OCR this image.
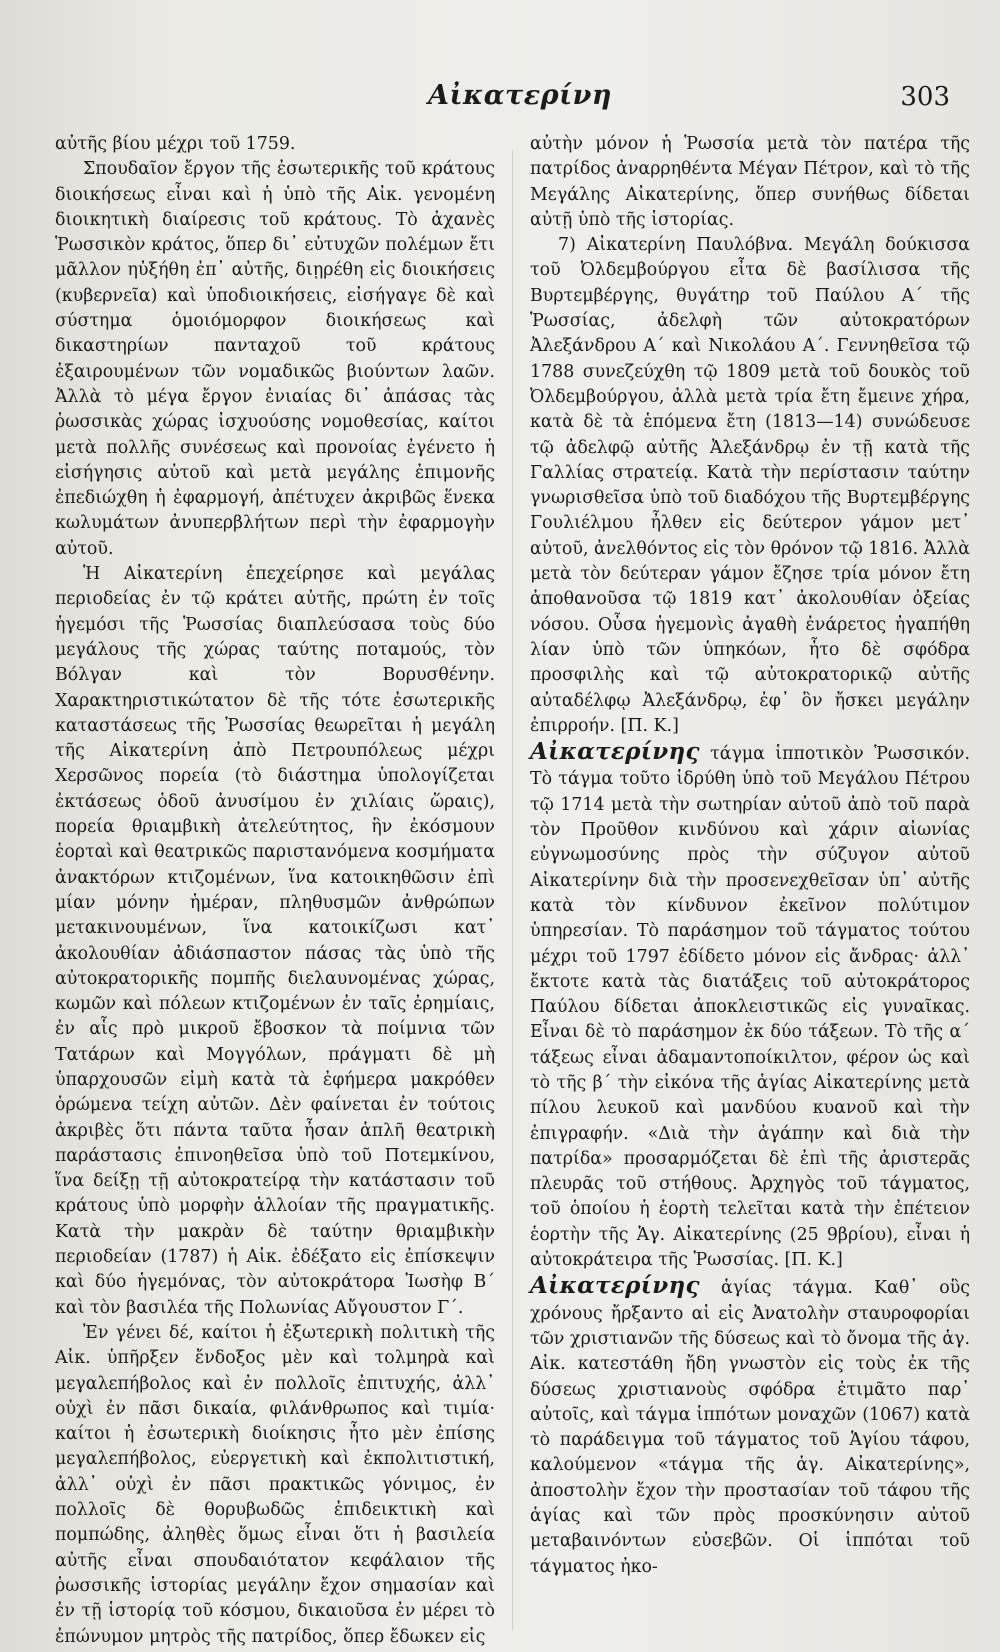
Αἰκατερίνη	303

αὐτῆς βίου μέχρι τοῦ 1759.

Σπουδαῖον ἔργον τῆς ἐσωτερικῆς τοῦ κράτους διοικήσεως εἶναι καὶ ἡ ὑπὸ τῆς Αἰκ. γενομένη διοικητικὴ διαίρεσις τοῦ κράτους. Τὸ ἀχανὲς Ῥωσσικὸν κράτος, ὅπερ δι᾽ εὐτυχῶν πολέμων ἔτι μᾶλλον ηὐξήθη ἐπ᾽ αὐτῆς, διῃρέθη εἰς διοικήσεις (κυβερνεῖα) καὶ ὑποδιοικήσεις, εἰσήγαγε δὲ καὶ σύστημα ὁμοιόμορφον διοικήσεως καὶ δικαστηρίων πανταχοῦ τοῦ κράτους ἐξαιρουμένων τῶν νομαδικῶς βιούντων λαῶν. Ἀλλὰ τὸ μέγα ἔργον ἐνιαίας δι᾽ ἁπάσας τὰς ῥωσσικὰς χώρας ἰσχυούσης νομοθεσίας, καίτοι μετὰ πολλῆς συνέσεως καὶ προνοίας ἐγένετο ἡ εἰσήγησις αὐτοῦ καὶ μετὰ μεγάλης ἐπιμονῆς ἐπεδιώχθη ἡ ἐφαρμογή, ἀπέτυχεν ἀκριβῶς ἕνεκα κωλυμάτων ἀνυπερβλήτων περὶ τὴν ἐφαρμογὴν αὐτοῦ.

Ἡ Αἰκατερίνη ἐπεχείρησε καὶ μεγάλας περιοδείας ἐν τῷ κράτει αὐτῆς, πρώτη ἐν τοῖς ἡγεμόσι τῆς Ῥωσσίας διαπλεύσασα τοὺς δύο μεγάλους τῆς χώρας ταύτης ποταμούς, τὸν Βόλγαν καὶ τὸν Βορυσθένην. Χαρακτηριστικώτατον δὲ τῆς τότε ἐσωτερικῆς καταστάσεως τῆς Ῥωσσίας θεωρεῖται ἡ μεγάλη τῆς Αἰκατερίνη ἀπὸ Πετρουπόλεως μέχρι Χερσῶνος πορεία (τὸ διάστημα ὑπολογίζεται ἐκτάσεως ὁδοῦ ἀνυσίμου ἐν χιλίαις ὥραις), πορεία θριαμβικὴ ἀτελεύτητος, ἣν ἐκόσμουν ἑορταὶ καὶ θεατρικῶς παριστανόμενα κοσμήματα ἀνακτόρων κτιζομένων, ἵνα κατοικηθῶσιν ἐπὶ μίαν μόνην ἡμέραν, πληθυσμῶν ἀνθρώπων μετακινουμένων, ἵνα κατοικίζωσι κατ᾽ ἀκολουθίαν ἀδιάσπαστον πάσας τὰς ὑπὸ τῆς αὐτοκρατορικῆς πομπῆς διελαυνομένας χώρας, κωμῶν καὶ πόλεων κτιζομένων ἐν ταῖς ἐρημίαις, ἐν αἷς πρὸ μικροῦ ἔβοσκον τὰ ποίμνια τῶν Τατάρων καὶ Μογγόλων, πράγματι δὲ μὴ ὑπαρχουσῶν εἰμὴ κατὰ τὰ ἐφήμερα μακρόθεν ὁρώμενα τείχη αὐτῶν. Δὲν φαίνεται ἐν τούτοις ἀκριβὲς ὅτι πάντα ταῦτα ἦσαν ἁπλῆ θεατρικὴ παράστασις ἐπινοηθεῖσα ὑπὸ τοῦ Ποτεμκίνου, ἵνα δείξῃ τῇ αὐτοκρατείρᾳ τὴν κατάστασιν τοῦ κράτους ὑπὸ μορφὴν ἀλλοίαν τῆς πραγματικῆς. Κατὰ τὴν μακρὰν δὲ ταύτην θριαμβικὴν περιοδείαν (1787) ἡ Αἰκ. ἐδέξατο εἰς ἐπίσκεψιν καὶ δύο ἡγεμόνας, τὸν αὐτοκράτορα Ἰωσὴφ Β´ καὶ τὸν βασιλέα τῆς Πολωνίας Αὔγουστον Γ´.

Ἐν γένει δέ, καίτοι ἡ ἐξωτερικὴ πολιτικὴ τῆς Αἰκ. ὑπῆρξεν ἔνδοξος μὲν καὶ τολμηρὰ καὶ μεγαλεπήβολος καὶ ἐν πολλοῖς ἐπιτυχής, ἀλλ᾽ οὐχὶ ἐν πᾶσι δικαία, φιλάνθρωπος καὶ τιμία· καίτοι ἡ ἐσωτερικὴ διοίκησις ἦτο μὲν ἐπίσης μεγαλεπήβολος, εὐεργετικὴ καὶ ἐκπολιτιστική, ἀλλ᾽ οὐχὶ ἐν πᾶσι πρακτικῶς γόνιμος, ἐν πολλοῖς δὲ θορυβωδῶς ἐπιδεικτικὴ καὶ πομπώδης, ἀληθὲς ὅμως εἶναι ὅτι ἡ βασιλεία αὐτῆς εἶναι σπουδαιότατον κεφάλαιον τῆς ῥωσσικῆς ἱστορίας μεγάλην ἔχον σημασίαν καὶ ἐν τῇ ἱστορίᾳ τοῦ κόσμου, δικαιοῦσα ἐν μέρει τὸ ἐπώνυμον μητρὸς τῆς πατρίδος, ὅπερ ἔδωκεν εἰς

αὐτὴν μόνον ἡ Ῥωσσία μετὰ τὸν πατέρα τῆς πατρίδος ἀναρρηθέντα Μέγαν Πέτρον, καὶ τὸ τῆς Μεγάλης Αἰκατερίνης, ὅπερ συνήθως δίδεται αὐτῇ ὑπὸ τῆς ἱστορίας.

7) Αἰκατερίνη Παυλόβνα. Μεγάλη δούκισσα τοῦ Ὀλδεμβούργου εἶτα δὲ βασίλισσα τῆς Βυρτεμβέργης, θυγάτηρ τοῦ Παύλου Α´ τῆς Ῥωσσίας, ἀδελφὴ τῶν αὐτοκρατόρων Ἀλεξάνδρου Α´ καὶ Νικολάου Α´. Γεννηθεῖσα τῷ 1788 συνεζεύχθη τῷ 1809 μετὰ τοῦ δουκὸς τοῦ Ὀλδεμβούργου, ἀλλὰ μετὰ τρία ἔτη ἔμεινε χήρα, κατὰ δὲ τὰ ἑπόμενα ἔτη (1813—14) συνώδευσε τῷ ἀδελφῷ αὐτῆς Ἀλεξάνδρῳ ἐν τῇ κατὰ τῆς Γαλλίας στρατείᾳ. Κατὰ τὴν περίστασιν ταύτην γνωρισθεῖσα ὑπὸ τοῦ διαδόχου τῆς Βυρτεμβέργης Γουλιέλμου ἦλθεν εἰς δεύτερον γάμον μετ᾽ αὐτοῦ, ἀνελθόντος εἰς τὸν θρόνον τῷ 1816. Ἀλλὰ μετὰ τὸν δεύτεραν γάμον ἔζησε τρία μόνον ἔτη ἀποθανοῦσα τῷ 1819 κατ᾽ ἀκολουθίαν ὀξείας νόσου. Οὖσα ἡγεμονὶς ἀγαθὴ ἐνάρετος ἠγαπήθη λίαν ὑπὸ τῶν ὑπηκόων, ἦτο δὲ σφόδρα προσφιλὴς καὶ τῷ αὐτοκρατορικῷ αὐτῆς αὐταδέλφῳ Ἀλεξάνδρῳ, ἐφ᾽ ὃν ἤσκει μεγάλην ἐπιρροήν. [Π. Κ.]

Αἰκατερίνης τάγμα ἱπποτικὸν Ῥωσσικόν. Τὸ τάγμα τοῦτο ἱδρύθη ὑπὸ τοῦ Μεγάλου Πέτρου τῷ 1714 μετὰ τὴν σωτηρίαν αὐτοῦ ἀπὸ τοῦ παρὰ τὸν Προῦθον κινδύνου καὶ χάριν αἰωνίας εὐγνωμοσύνης πρὸς τὴν σύζυγον αὐτοῦ Αἰκατερίνην διὰ τὴν προσενεχθεῖσαν ὑπ᾽ αὐτῆς κατὰ τὸν κίνδυνον ἐκεῖνον πολύτιμον ὑπηρεσίαν. Τὸ παράσημον τοῦ τάγματος τούτου μέχρι τοῦ 1797 ἐδίδετο μόνον εἰς ἄνδρας· ἀλλ᾽ ἔκτοτε κατὰ τὰς διατάξεις τοῦ αὐτοκράτορος Παύλου δίδεται ἀποκλειστικῶς εἰς γυναῖκας. Εἶναι δὲ τὸ παράσημον ἐκ δύο τάξεων. Τὸ τῆς α´ τάξεως εἶναι ἀδαμαντοποίκιλτον, φέρον ὡς καὶ τὸ τῆς β´ τὴν εἰκόνα τῆς ἁγίας Αἰκατερίνης μετὰ πίλου λευκοῦ καὶ μανδύου κυανοῦ καὶ τὴν ἐπιγραφήν. «Διὰ τὴν ἀγάπην καὶ διὰ τὴν πατρίδα» προσαρμόζεται δὲ ἐπὶ τῆς ἀριστερᾶς πλευρᾶς τοῦ στήθους. Ἀρχηγὸς τοῦ τάγματος, τοῦ ὁποίου ἡ ἑορτὴ τελεῖται κατὰ τὴν ἐπέτειον ἑορτὴν τῆς Ἁγ. Αἰκατερίνης (25 9βρίου), εἶναι ἡ αὐτοκράτειρα τῆς Ῥωσσίας. [Π. Κ.]

Αἰκατερίνης ἁγίας τάγμα. Καθ᾽ οὓς χρόνους ἤρξαντο αἱ εἰς Ἀνατολὴν σταυροφορίαι τῶν χριστιανῶν τῆς δύσεως καὶ τὸ ὄνομα τῆς ἁγ. Αἰκ. κατεστάθη ἤδη γνωστὸν εἰς τοὺς ἐκ τῆς δύσεως χριστιανοὺς σφόδρα ἐτιμᾶτο παρ᾽ αὐτοῖς, καὶ τάγμα ἱππότων μοναχῶν (1067) κατὰ τὸ παράδειγμα τοῦ τάγματος τοῦ Ἁγίου τάφου, καλούμενον «τάγμα τῆς ἁγ. Αἰκατερίνης», ἀποστολὴν ἔχον τὴν προστασίαν τοῦ τάφου τῆς ἁγίας καὶ τῶν πρὸς προσκύνησιν αὐτοῦ μεταβαινόντων εὐσεβῶν. Οἱ ἱππόται τοῦ τάγματος ἠκο-
